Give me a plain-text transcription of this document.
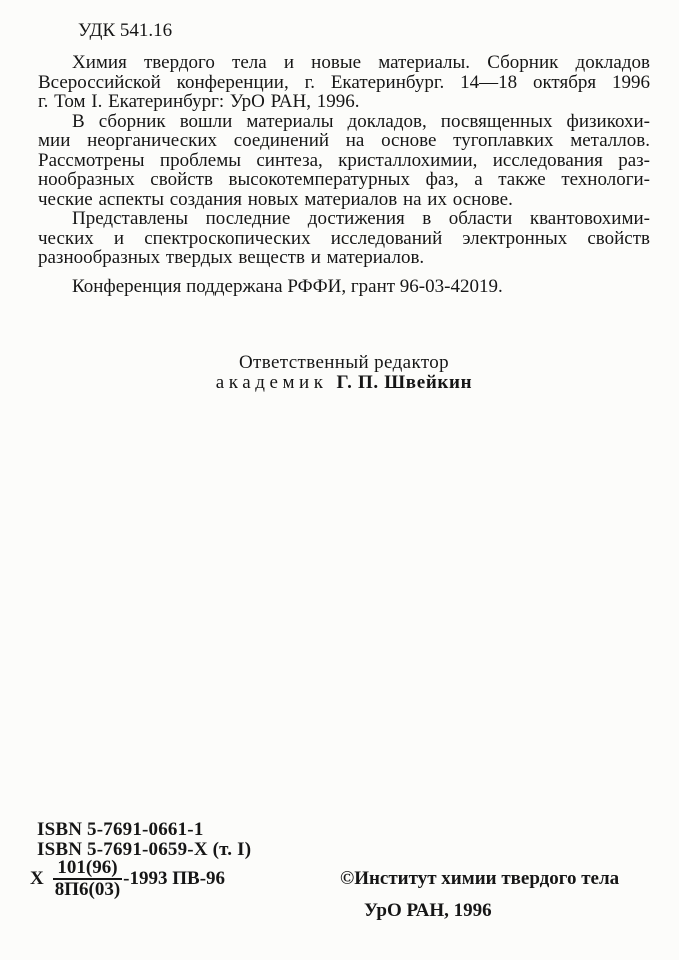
УДК 541.16
Химия твердого тела и новые материалы. Сборник докладов
Всероссийской конференции, г. Екатеринбург. 14—18 октября 1996
г. Том I. Екатеринбург: УрО РАН, 1996.
В сборник вошли материалы докладов, посвященных физикохи-
мии неорганических соединений на основе тугоплавких металлов.
Рассмотрены проблемы синтеза, кристаллохимии, исследования раз-
нообразных свойств высокотемпературных фаз, а также технологи-
ческие аспекты создания новых материалов на их основе.
Представлены последние достижения в области квантовохими-
ческих и спектроскопических исследований электронных свойств
разнообразных твердых веществ и материалов.
Конференция поддержана РФФИ, грант 96-03-42019.
Ответственный редактор
академик Г. П. Швейкин
ISBN 5-7691-0661-1
ISBN 5-7691-0659-X (т. I)
Х $\frac{101(96)}{8П6(03)} -1993$ ПВ-96	©Институт химии твердого тела
УрО РАН, 1996
